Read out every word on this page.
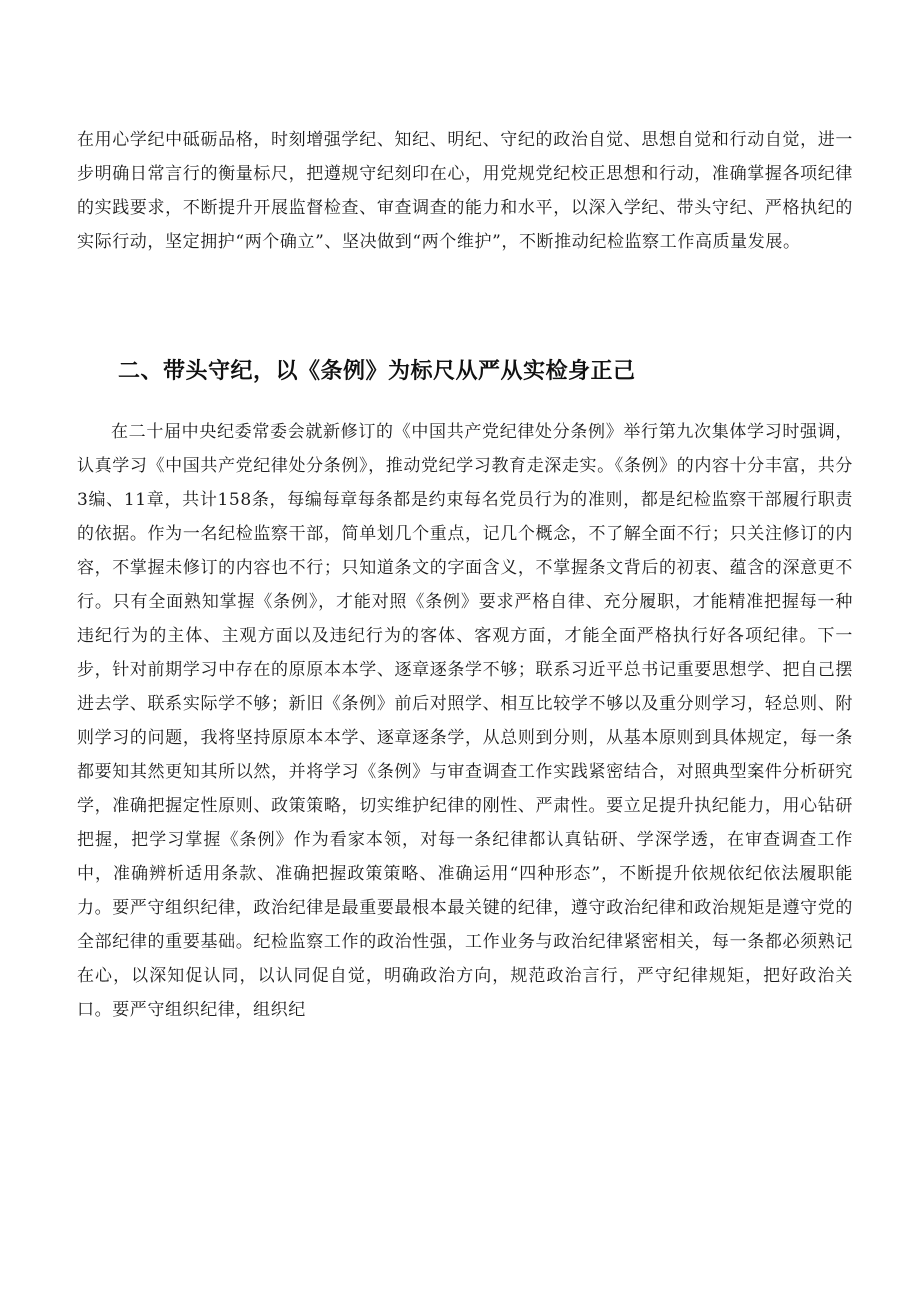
在用心学纪中砥砺品格，时刻增强学纪、知纪、明纪、守纪的政治自觉、思想自觉和行动自觉，进一步明确日常言行的衡量标尺，把遵规守纪刻印在心，用党规党纪校正思想和行动，准确掌握各项纪律的实践要求，不断提升开展监督检查、审查调查的能力和水平，以深入学纪、带头守纪、严格执纪的实际行动，坚定拥护“两个确立”、坚决做到“两个维护”，不断推动纪检监察工作高质量发展。

二、带头守纪，以《条例》为标尺从严从实检身正己

在二十届中央纪委常委会就新修订的《中国共产党纪律处分条例》举行第九次集体学习时强调，认真学习《中国共产党纪律处分条例》，推动党纪学习教育走深走实。《条例》的内容十分丰富，共分3编、11章，共计158条，每编每章每条都是约束每名党员行为的准则，都是纪检监察干部履行职责的依据。作为一名纪检监察干部，简单划几个重点，记几个概念，不了解全面不行；只关注修订的内容，不掌握未修订的内容也不行；只知道条文的字面含义，不掌握条文背后的初衷、蕴含的深意更不行。只有全面熟知掌握《条例》，才能对照《条例》要求严格自律、充分履职，才能精准把握每一种违纪行为的主体、主观方面以及违纪行为的客体、客观方面，才能全面严格执行好各项纪律。下一步，针对前期学习中存在的原原本本学、逐章逐条学不够；联系习近平总书记重要思想学、把自己摆进去学、联系实际学不够；新旧《条例》前后对照学、相互比较学不够以及重分则学习，轻总则、附则学习的问题，我将坚持原原本本学、逐章逐条学，从总则到分则，从基本原则到具体规定，每一条都要知其然更知其所以然，并将学习《条例》与审查调查工作实践紧密结合，对照典型案件分析研究学，准确把握定性原则、政策策略，切实维护纪律的刚性、严肃性。要立足提升执纪能力，用心钻研把握，把学习掌握《条例》作为看家本领，对每一条纪律都认真钻研、学深学透，在审查调查工作中，准确辨析适用条款、准确把握政策策略、准确运用“四种形态”，不断提升依规依纪依法履职能力。要严守组织纪律，政治纪律是最重要最根本最关键的纪律，遵守政治纪律和政治规矩是遵守党的全部纪律的重要基础。纪检监察工作的政治性强，工作业务与政治纪律紧密相关，每一条都必须熟记在心，以深知促认同，以认同促自觉，明确政治方向，规范政治言行，严守纪律规矩，把好政治关口。要严守组织纪律，组织纪
